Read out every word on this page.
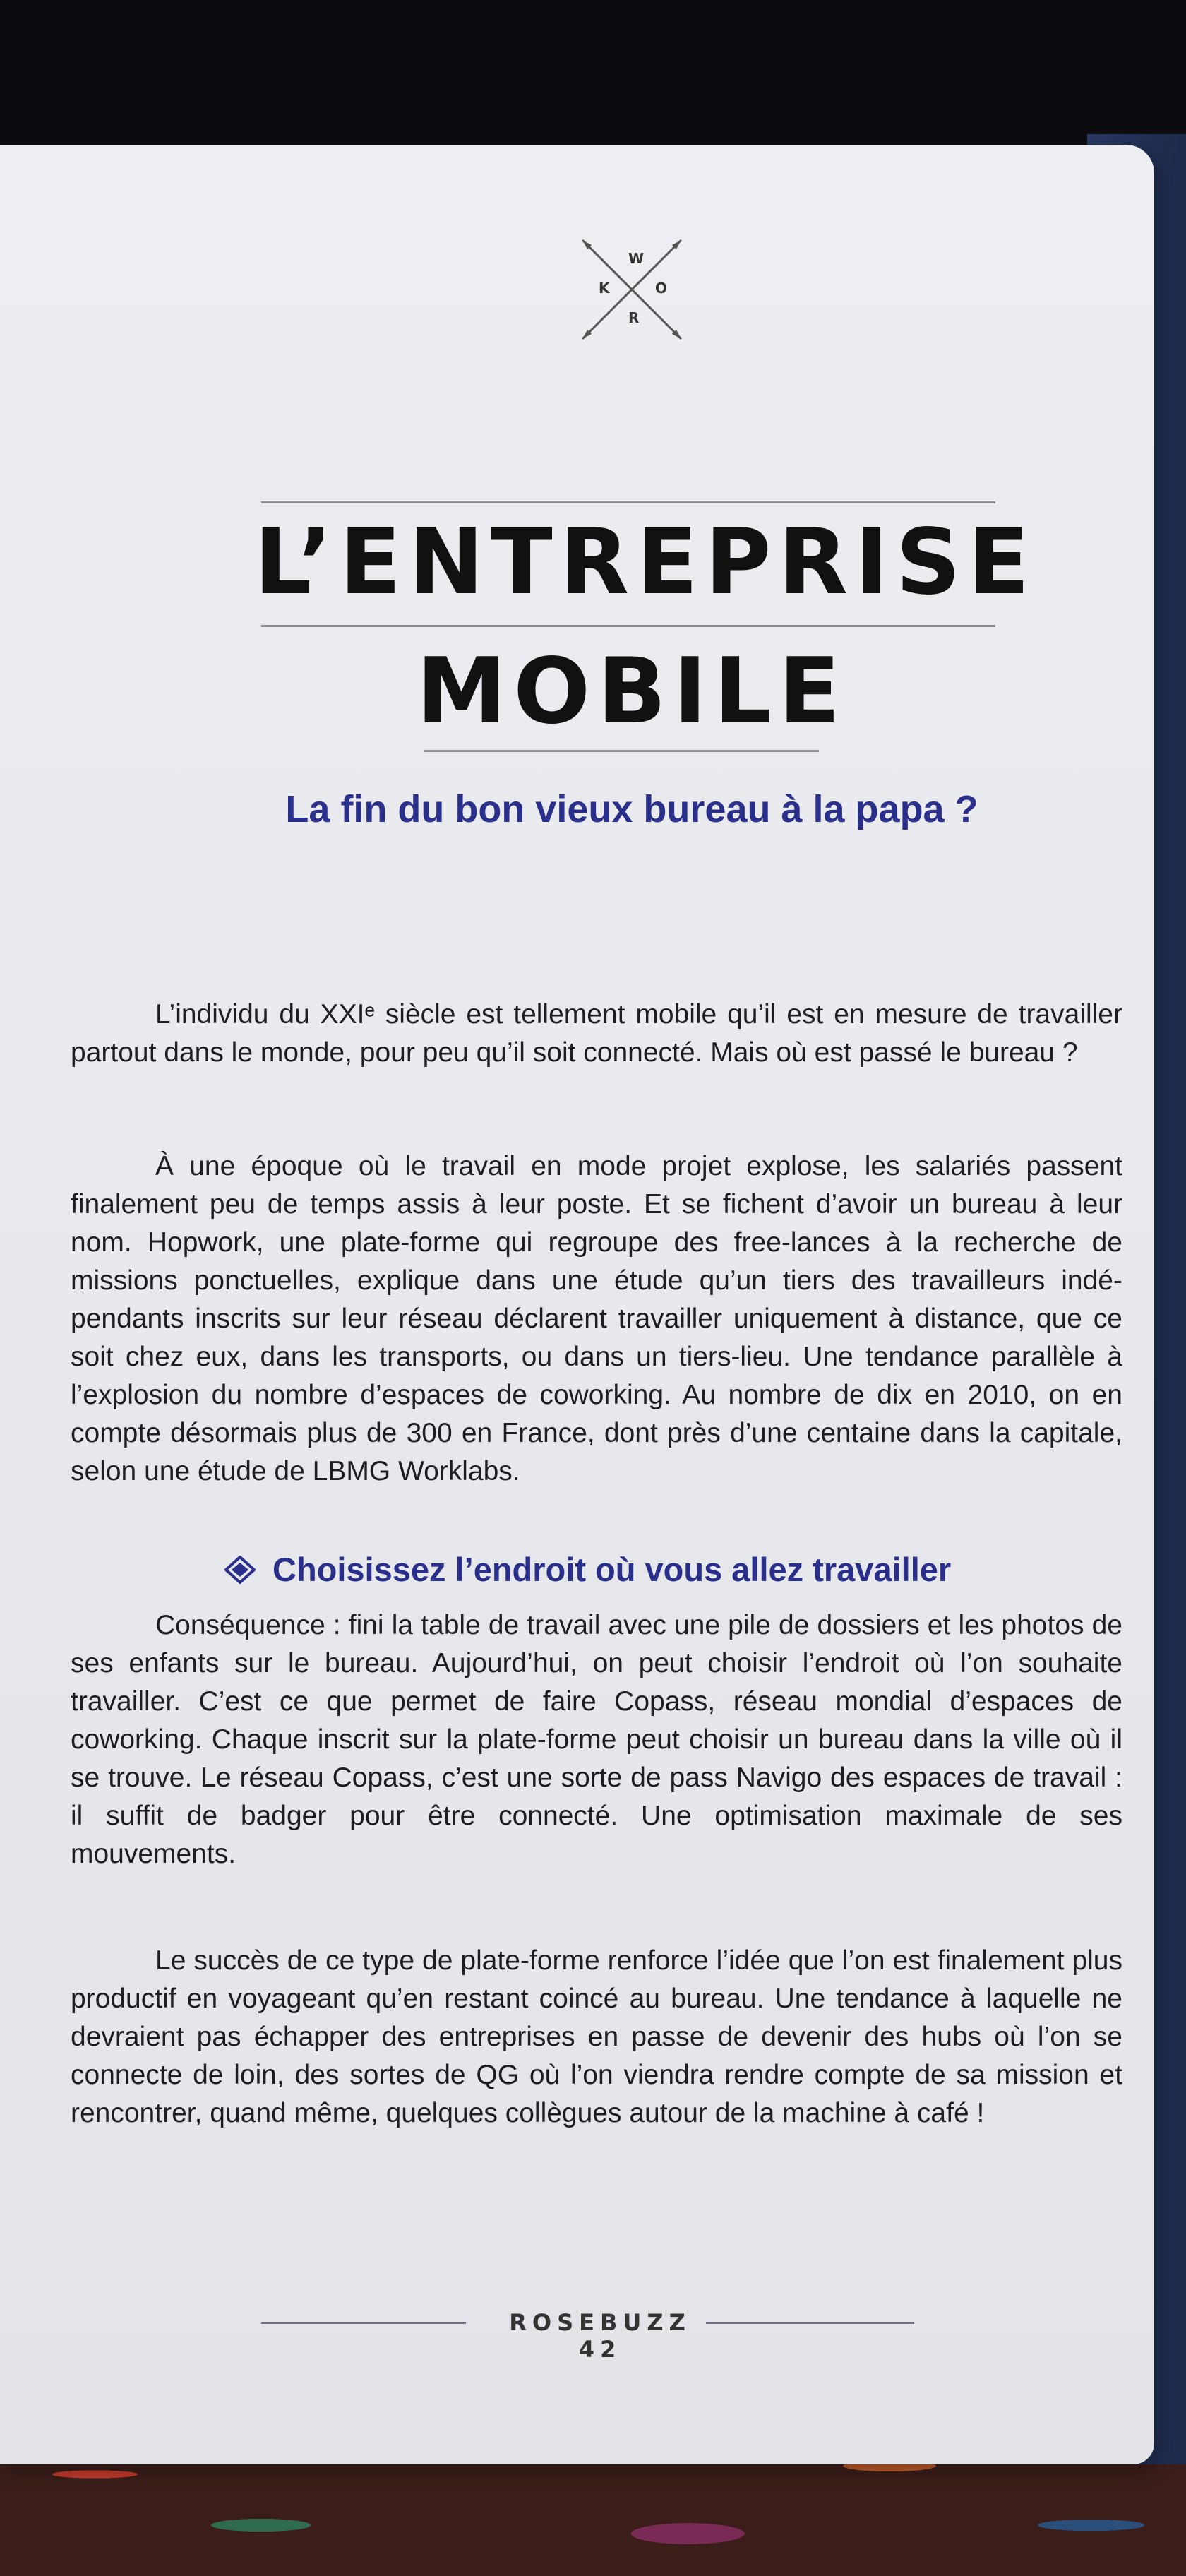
W
K	O
R
L’ENTREPRISE
MOBILE
La fin du bon vieux bureau à la papa ?

L’individu du XXIᵉ siècle est tellement mobile qu’il est en mesure de travailler partout dans le monde, pour peu qu’il soit connecté. Mais où est passé le bureau ?

À une époque où le travail en mode projet explose, les salariés passent finalement peu de temps assis à leur poste. Et se fichent d’avoir un bureau à leur nom. Hopwork, une plate-forme qui regroupe des free-lances à la recherche de missions ponctuelles, explique dans une étude qu’un tiers des travailleurs indé-pendants inscrits sur leur réseau déclarent travailler uniquement à distance, que ce soit chez eux, dans les transports, ou dans un tiers-lieu. Une tendance parallèle à l’explosion du nombre d’espaces de coworking. Au nombre de dix en 2010, on en compte désormais plus de 300 en France, dont près d’une centaine dans la capitale, selon une étude de LBMG Worklabs.

Choisissez l’endroit où vous allez travailler

Conséquence : fini la table de travail avec une pile de dossiers et les photos de ses enfants sur le bureau. Aujourd’hui, on peut choisir l’endroit où l’on souhaite travailler. C’est ce que permet de faire Copass, réseau mondial d’espaces de coworking. Chaque inscrit sur la plate-forme peut choisir un bureau dans la ville où il se trouve. Le réseau Copass, c’est une sorte de pass Navigo des espaces de travail : il suffit de badger pour être connecté. Une optimisation maximale de ses mouvements.

Le succès de ce type de plate-forme renforce l’idée que l’on est finalement plus productif en voyageant qu’en restant coincé au bureau. Une tendance à laquelle ne devraient pas échapper des entreprises en passe de devenir des hubs où l’on se connecte de loin, des sortes de QG où l’on viendra rendre compte de sa mission et rencontrer, quand même, quelques collègues autour de la machine à café !

ROSEBUZZ 42
